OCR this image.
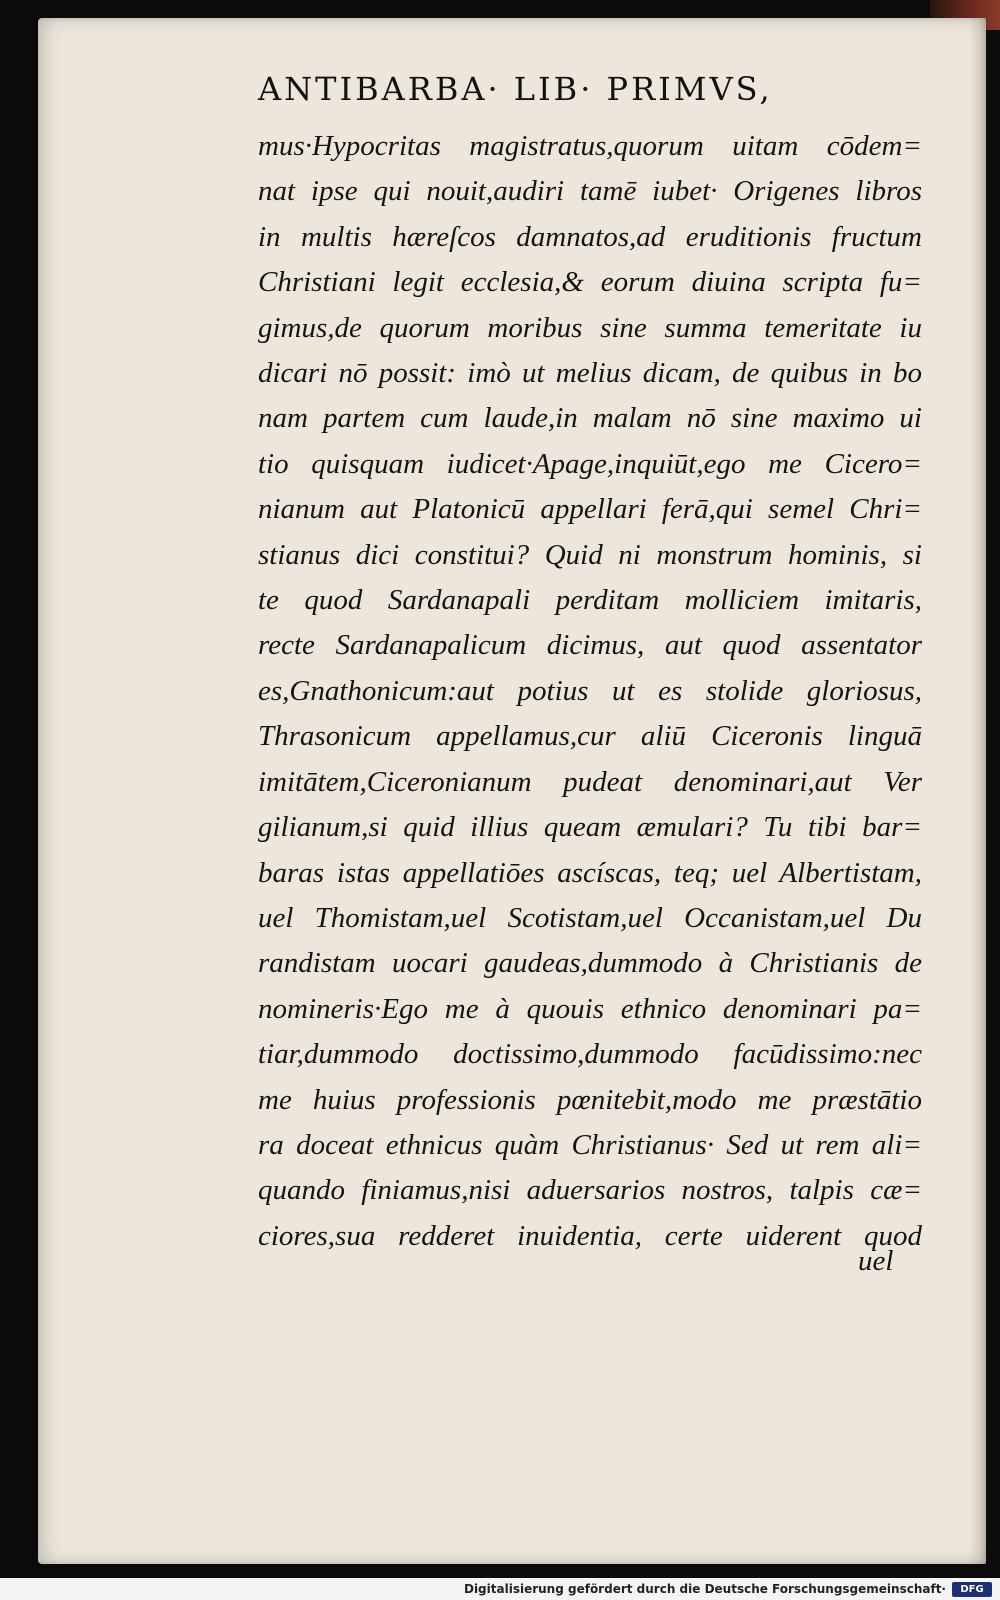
ANTIBARBA· LIB· PRIMVS,
mus·Hypocritas magistratus,quorum uitam cōdem=
nat ipse qui nouit,audiri tamē iubet· Origenes libros
in multis hæreſcos damnatos,ad eruditionis fructum
Christiani legit ecclesia,& eorum diuina scripta fu=
gimus,de quorum moribus sine summa temeritate iu
dicari nō possit: imò ut melius dicam, de quibus in bo
nam partem cum laude,in malam nō sine maximo ui
tio quisquam iudicet·Apage,inquiūt,ego me Cicero=
nianum aut Platonicū appellari ferā,qui semel Chri=
stianus dici constitui? Quid ni monstrum hominis, si
te quod Sardanapali perditam molliciem imitaris,
recte Sardanapalicum dicimus, aut quod assentator
es,Gnathonicum:aut potius ut es stolide gloriosus,
Thrasonicum appellamus,cur aliū Ciceronis linguā
imitātem,Ciceronianum pudeat denominari,aut Ver
gilianum,si quid illius queam æmulari? Tu tibi bar=
baras istas appellatiōes ascíscas, teq; uel Albertistam,
uel Thomistam,uel Scotistam,uel Occanistam,uel Du
randistam uocari gaudeas,dummodo à Christianis de
nomineris·Ego me à quouis ethnico denominari pa=
tiar,dummodo doctissimo,dummodo facūdissimo:nec
me huius professionis pœnitebit,modo me præstātio
ra doceat ethnicus quàm Christianus· Sed ut rem ali=
quando finiamus,nisi aduersarios nostros, talpis cæ=
ciores,sua redderet inuidentia, certe uiderent quod
uel
Digitalisierung gefördert durch die Deutsche Forschungsgemeinschaft·	DFG
